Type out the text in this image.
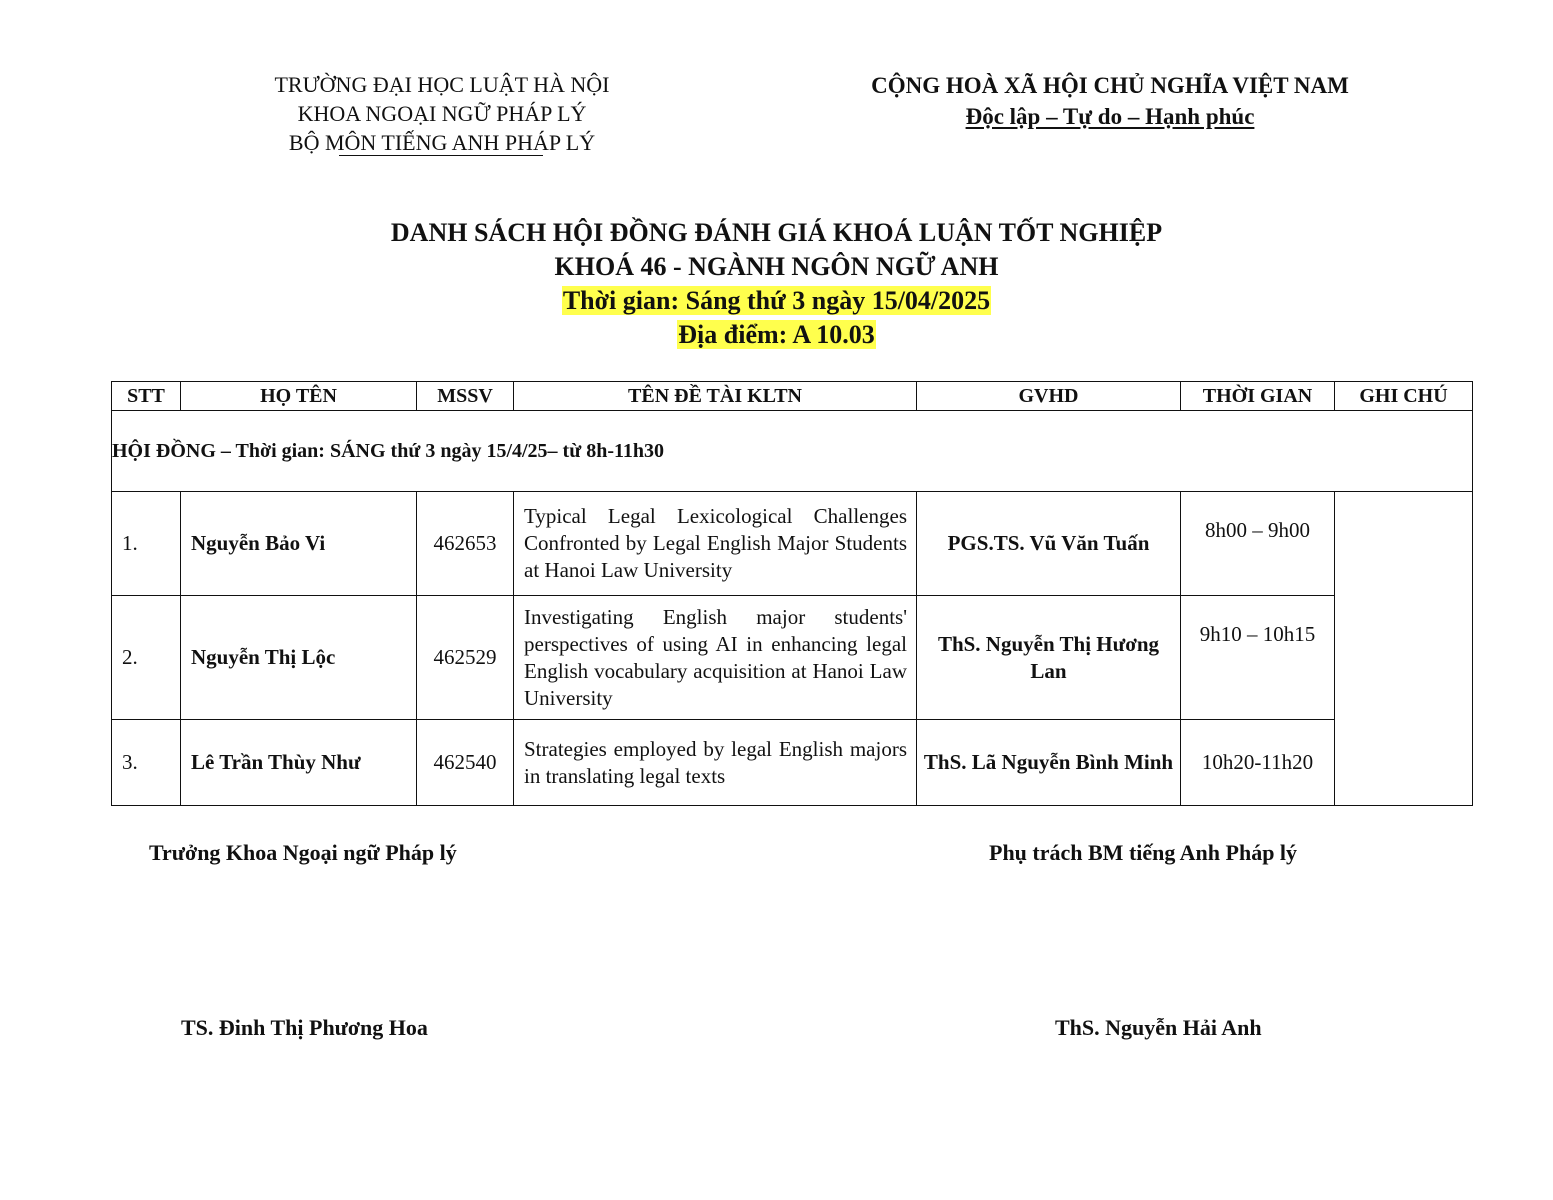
TRƯỜNG ĐẠI HỌC LUẬT HÀ NỘI
KHOA NGOẠI NGỮ PHÁP LÝ
BỘ MÔN TIẾNG ANH PHÁP LÝ
CỘNG HOÀ XÃ HỘI CHỦ NGHĨA VIỆT NAM
Độc lập – Tự do – Hạnh phúc
DANH SÁCH HỘI ĐỒNG ĐÁNH GIÁ KHOÁ LUẬN TỐT NGHIỆP
KHOÁ 46 - NGÀNH NGÔN NGỮ ANH
Thời gian: Sáng thứ 3 ngày 15/04/2025
Địa điểm: A 10.03
STT	HỌ TÊN	MSSV	TÊN ĐỀ TÀI KLTN	GVHD	THỜI GIAN	GHI CHÚ
HỘI ĐỒNG – Thời gian: SÁNG thứ 3 ngày 15/4/25– từ 8h-11h30						
1.	Nguyễn Bảo Vi	462653	Typical Legal Lexicological Challenges Confronted by Legal English Major Students at Hanoi Law University	PGS.TS. Vũ Văn Tuấn	8h00 – 9h00	
2.	Nguyễn Thị Lộc	462529	Investigating English major students' perspectives of using AI in enhancing legal English vocabulary acquisition at Hanoi Law University	ThS. Nguyễn Thị Hương Lan	9h10 – 10h15	
3.	Lê Trần Thùy Như	462540	Strategies employed by legal English majors in translating legal texts	ThS. Lã Nguyễn Bình Minh	10h20-11h20	
Trưởng Khoa Ngoại ngữ Pháp lý	Phụ trách BM tiếng Anh Pháp lý
TS. Đinh Thị Phương Hoa	ThS. Nguyễn Hải Anh
